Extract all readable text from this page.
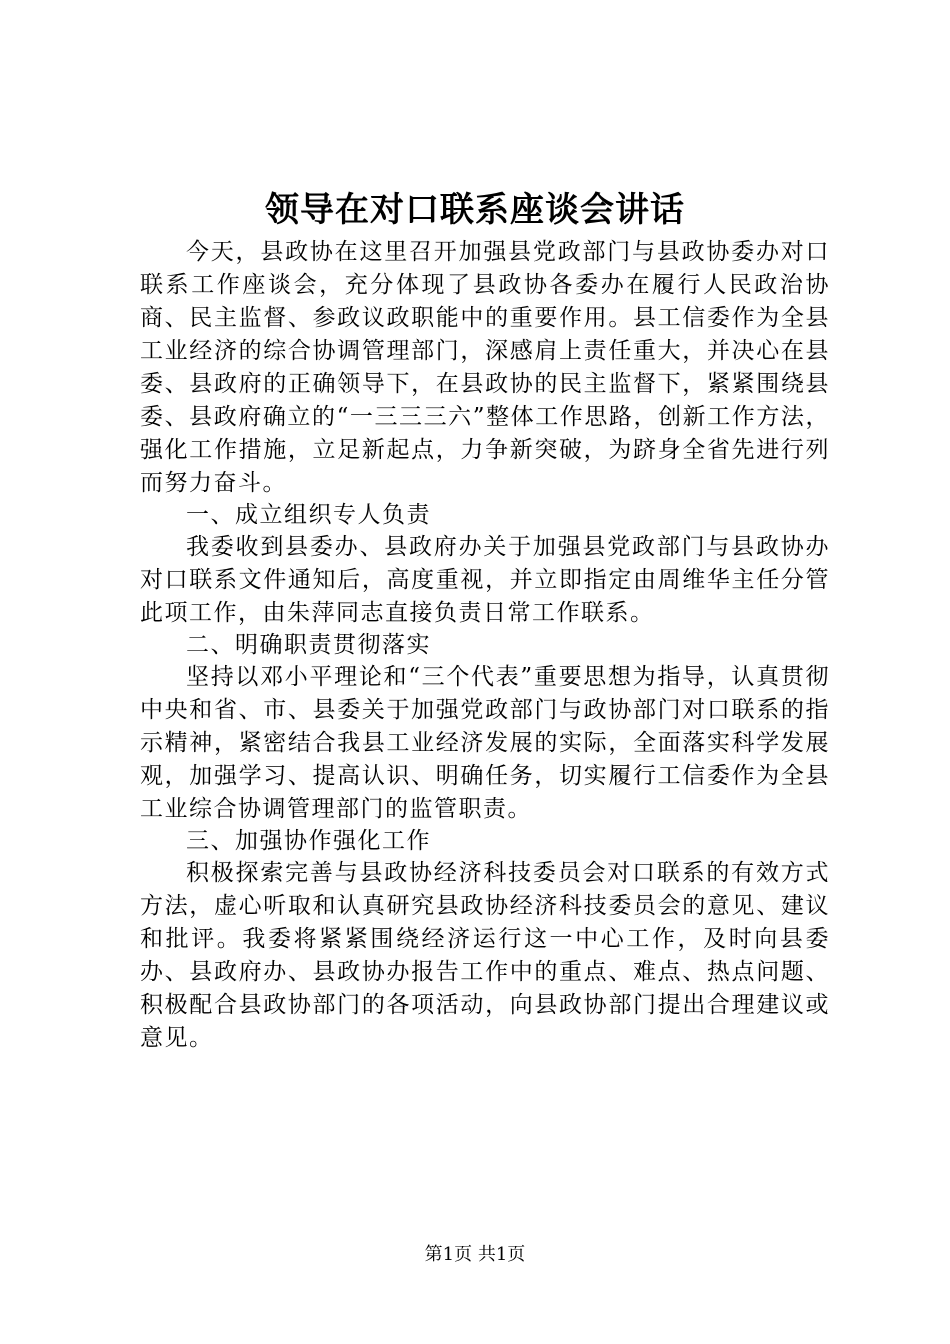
领导在对口联系座谈会讲话

今天，县政协在这里召开加强县党政部门与县政协委办对口联系工作座谈会，充分体现了县政协各委办在履行人民政治协商、民主监督、参政议政职能中的重要作用。县工信委作为全县工业经济的综合协调管理部门，深感肩上责任重大，并决心在县委、县政府的正确领导下，在县政协的民主监督下，紧紧围绕县委、县政府确立的“一三三三六”整体工作思路，创新工作方法，强化工作措施，立足新起点，力争新突破，为跻身全省先进行列而努力奋斗。

一、成立组织专人负责

我委收到县委办、县政府办关于加强县党政部门与县政协办对口联系文件通知后，高度重视，并立即指定由周维华主任分管此项工作，由朱萍同志直接负责日常工作联系。

二、明确职责贯彻落实

坚持以邓小平理论和“三个代表”重要思想为指导，认真贯彻中央和省、市、县委关于加强党政部门与政协部门对口联系的指示精神，紧密结合我县工业经济发展的实际，全面落实科学发展观，加强学习、提高认识、明确任务，切实履行工信委作为全县工业综合协调管理部门的监管职责。

三、加强协作强化工作

积极探索完善与县政协经济科技委员会对口联系的有效方式方法，虚心听取和认真研究县政协经济科技委员会的意见、建议和批评。我委将紧紧围绕经济运行这一中心工作，及时向县委办、县政府办、县政协办报告工作中的重点、难点、热点问题、积极配合县政协部门的各项活动，向县政协部门提出合理建议或意见。

第1页 共1页
